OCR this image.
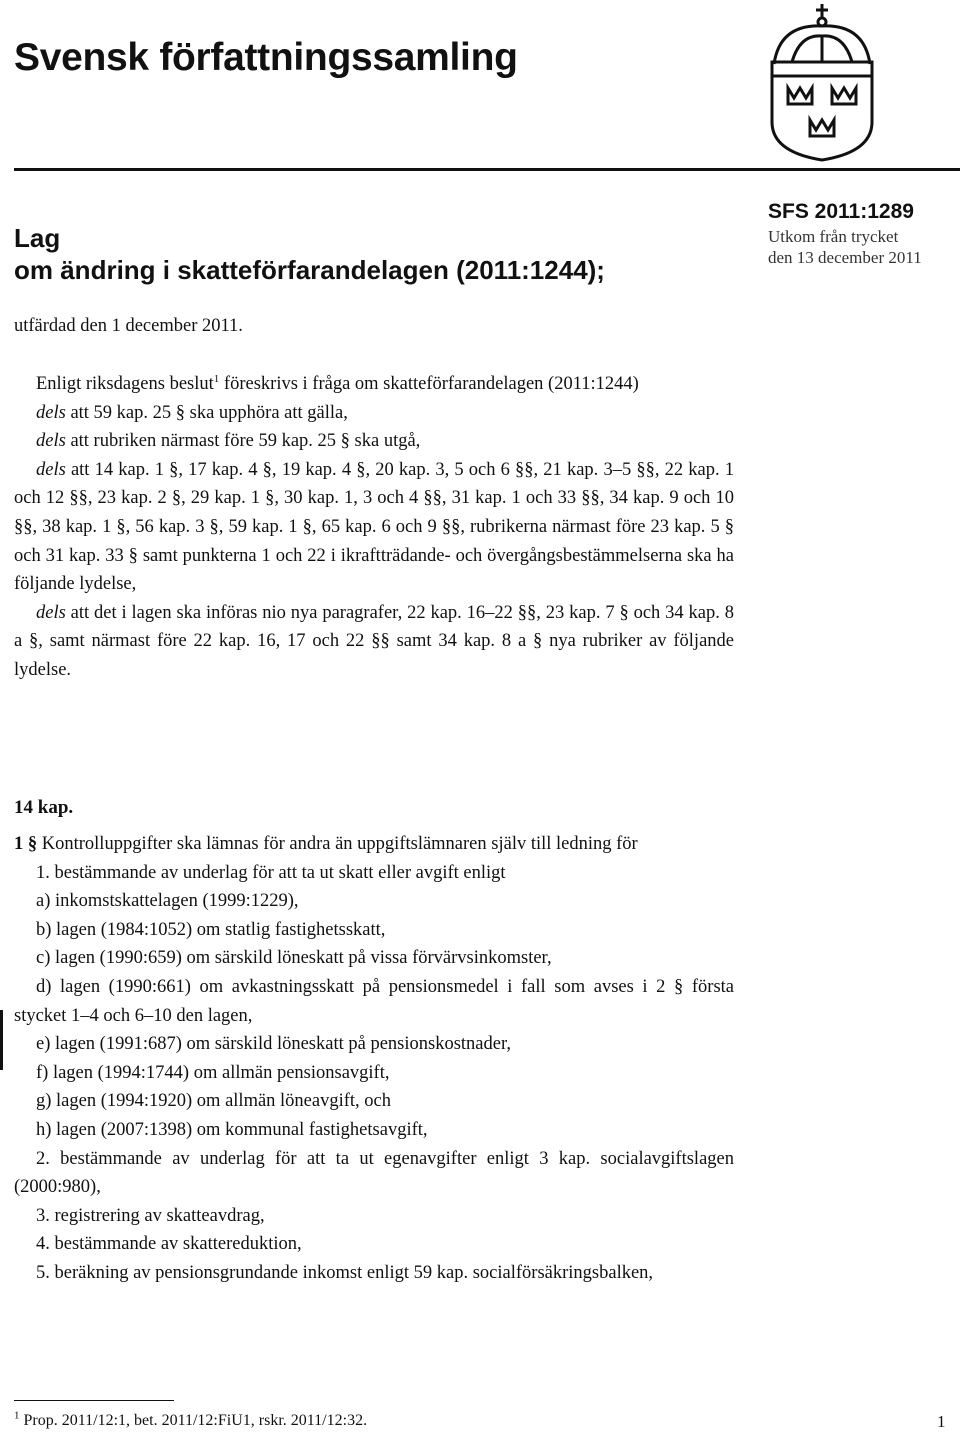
Svensk författningssamling
Lag
om ändring i skatteförfarandelagen (2011:1244);
SFS 2011:1289
Utkom från trycket
den 13 december 2011
utfärdad den 1 december 2011.

Enligt riksdagens beslut$^1$ föreskrivs i fråga om skatteförfarandelagen (2011:1244)

dels att 59 kap. 25 § ska upphöra att gälla,

dels att rubriken närmast före 59 kap. 25 § ska utgå,

dels att 14 kap. 1 §, 17 kap. 4 §, 19 kap. 4 §, 20 kap. 3, 5 och 6 §§, 21 kap. 3–5 §§, 22 kap. 1 och 12 §§, 23 kap. 2 §, 29 kap. 1 §, 30 kap. 1, 3 och 4 §§, 31 kap. 1 och 33 §§, 34 kap. 9 och 10 §§, 38 kap. 1 §, 56 kap. 3 §, 59 kap. 1 §, 65 kap. 6 och 9 §§, rubrikerna närmast före 23 kap. 5 § och 31 kap. 33 § samt punkterna 1 och 22 i ikraftträdande- och övergångsbestämmelserna ska ha följande lydelse,

dels att det i lagen ska införas nio nya paragrafer, 22 kap. 16–22 §§, 23 kap. 7 § och 34 kap. 8 a §, samt närmast före 22 kap. 16, 17 och 22 §§ samt 34 kap. 8 a § nya rubriker av följande lydelse.

14 kap.

1 § Kontrolluppgifter ska lämnas för andra än uppgiftslämnaren själv till ledning för

1. bestämmande av underlag för att ta ut skatt eller avgift enligt

a) inkomstskattelagen (1999:1229),

b) lagen (1984:1052) om statlig fastighetsskatt,

c) lagen (1990:659) om särskild löneskatt på vissa förvärvsinkomster,

d) lagen (1990:661) om avkastningsskatt på pensionsmedel i fall som avses i 2 § första stycket 1–4 och 6–10 den lagen,

e) lagen (1991:687) om särskild löneskatt på pensionskostnader,

f) lagen (1994:1744) om allmän pensionsavgift,

g) lagen (1994:1920) om allmän löneavgift, och

h) lagen (2007:1398) om kommunal fastighetsavgift,

2. bestämmande av underlag för att ta ut egenavgifter enligt 3 kap. socialavgiftslagen (2000:980),

3. registrering av skatteavdrag,

4. bestämmande av skattereduktion,

5. beräkning av pensionsgrundande inkomst enligt 59 kap. socialförsäkringsbalken,

$^1$ Prop. 2011/12:1, bet. 2011/12:FiU1, rskr. 2011/12:32.	1
